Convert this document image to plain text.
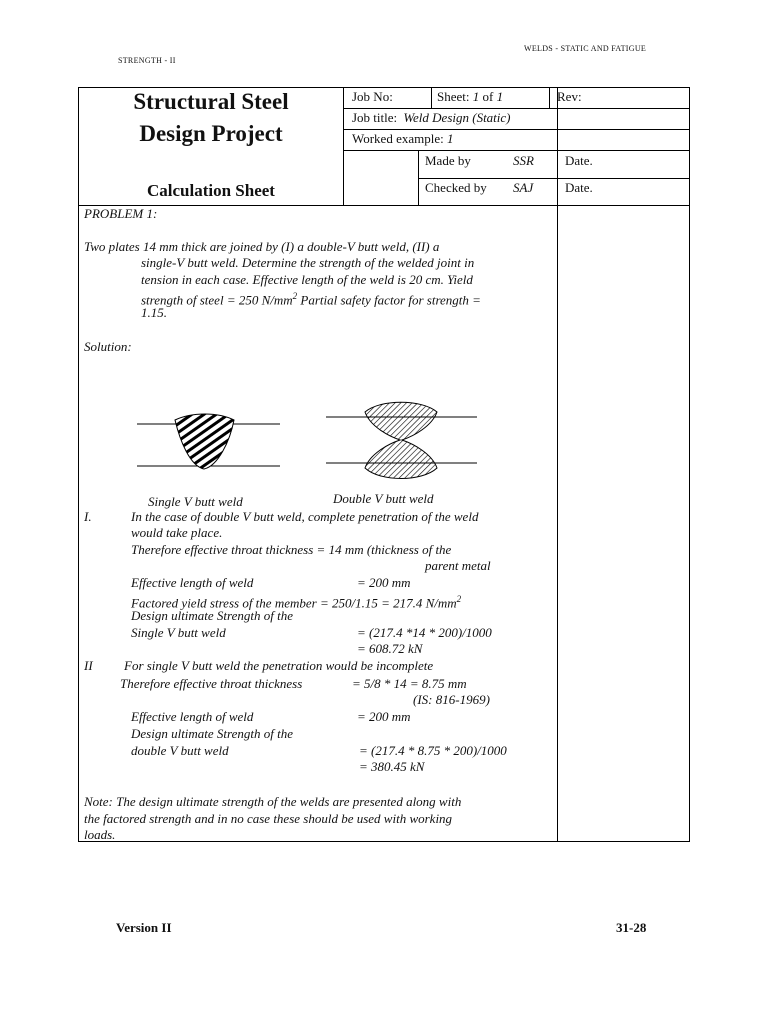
WELDS - STATIC AND FATIGUE
STRENGTH - II
Structural Steel
Design Project
Calculation Sheet
Job No:	Sheet: 1 of 1	Rev:
Job title: Weld Design (Static)
Worked example: 1
Made by	SSR Date.
Checked by SAJ Date.
PROBLEM 1:
Two plates 14 mm thick are joined by (I) a double-V butt weld, (II) a
single-V butt weld. Determine the strength of the welded joint in
tension in each case. Effective length of the weld is 20 cm. Yield
strength of steel = 250 $N/mm^2$ Partial safety factor for strength =
1.15.
Solution:
Double V butt weld
Single V butt weld
I.	In the case of double V butt weld, complete penetration of the weld
would take place.
Therefore effective throat thickness = 14 mm (thickness of the
parent metal
Effective length of weld	= 200 mm
Factored yield stress of the member = 250/1.15 = 217.4 $N/mm^2$
Design ultimate Strength of the
Single V butt weld	= (217.4 *14 * 200)/1000
= 608.72 kN
II For single V butt weld the penetration would be incomplete
Therefore effective throat thickness	= 5/8 * 14 = 8.75 mm
(IS: 816-1969)
Effective length of weld	= 200 mm
Design ultimate Strength of the
double V butt weld	= (217.4 * 8.75 * 200)/1000
= 380.45 kN
Note: The design ultimate strength of the welds are presented along with
the factored strength and in no case these should be used with working
loads.
Version II	31-28
